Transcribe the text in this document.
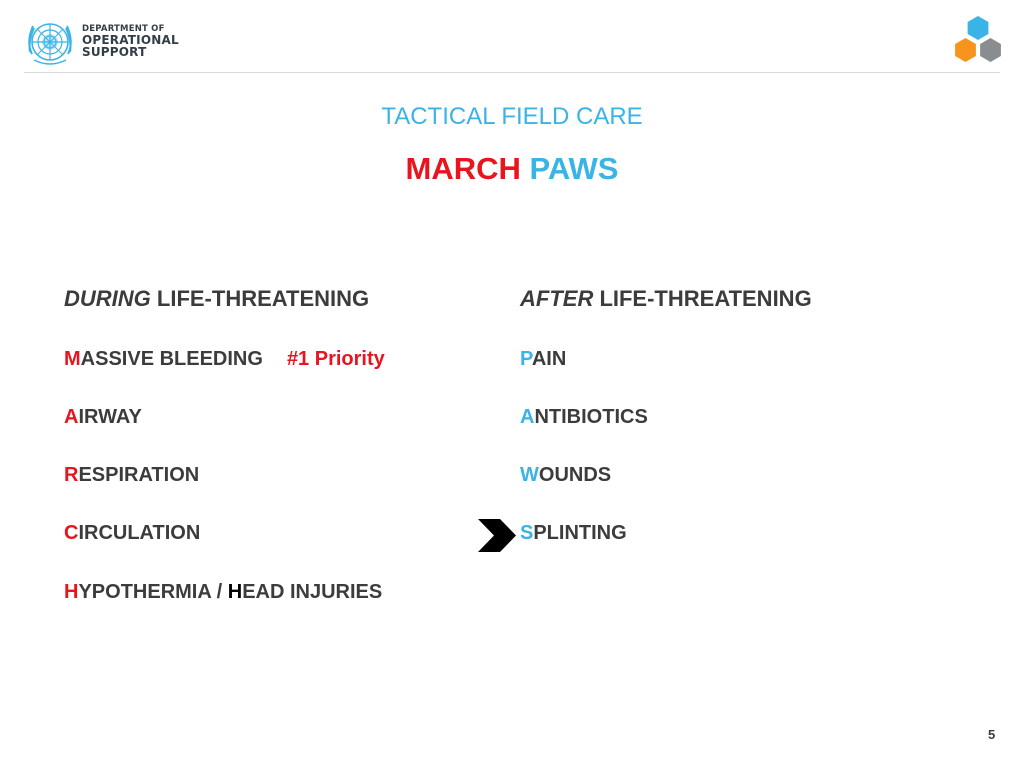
DEPARTMENT OF
OPERATIONAL
SUPPORT
TACTICAL FIELD CARE
MARCH PAWS
DURING LIFE-THREATENING
MASSIVE BLEEDING #1 Priority
AIRWAY
RESPIRATION
CIRCULATION
HYPOTHERMIA / HEAD INJURIES
AFTER LIFE-THREATENING
PAIN
ANTIBIOTICS
WOUNDS
SPLINTING
5
